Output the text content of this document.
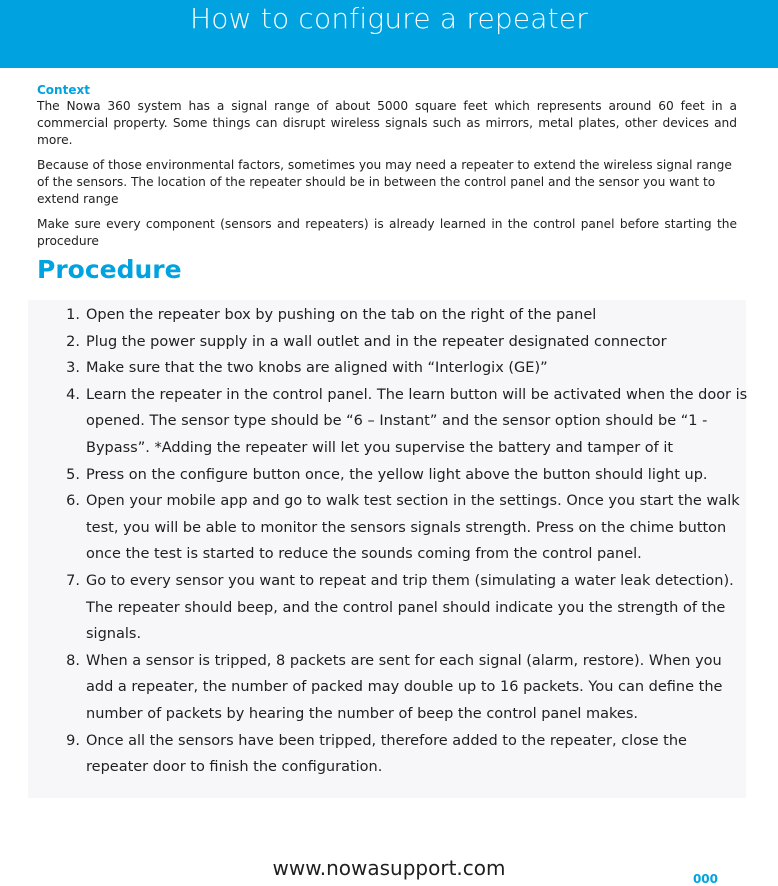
How to configure a repeater

Context

The Nowa 360 system has a signal range of about 5000 square feet which represents around 60 feet in a commercial property. Some things can disrupt wireless signals such as mirrors, metal plates, other devices and more.

Because of those environmental factors, sometimes you may need a repeater to extend the wireless signal range of the sensors. The location of the repeater should be in between the control panel and the sensor you want to extend range

Make sure every component (sensors and repeaters) is already learned in the control panel before starting the procedure

Procedure
1. Open the repeater box by pushing on the tab on the right of the panel
2. Plug the power supply in a wall outlet and in the repeater designated connector
3. Make sure that the two knobs are aligned with “Interlogix (GE)”
4. Learn the repeater in the control panel. The learn button will be activated when the door is opened. The sensor type should be “6 – Instant” and the sensor option should be “1 - Bypass”. *Adding the repeater will let you supervise the battery and tamper of it
5. Press on the configure button once, the yellow light above the button should light up.
6. Open your mobile app and go to walk test section in the settings. Once you start the walk test, you will be able to monitor the sensors signals strength. Press on the chime button once the test is started to reduce the sounds coming from the control panel.
7. Go to every sensor you want to repeat and trip them (simulating a water leak detection). The repeater should beep, and the control panel should indicate you the strength of the signals.
8. When a sensor is tripped, 8 packets are sent for each signal (alarm, restore). When you add a repeater, the number of packed may double up to 16 packets. You can define the number of packets by hearing the number of beep the control panel makes.
9. Once all the sensors have been tripped, therefore added to the repeater, close the repeater door to finish the configuration.
www.nowasupport.com	000
